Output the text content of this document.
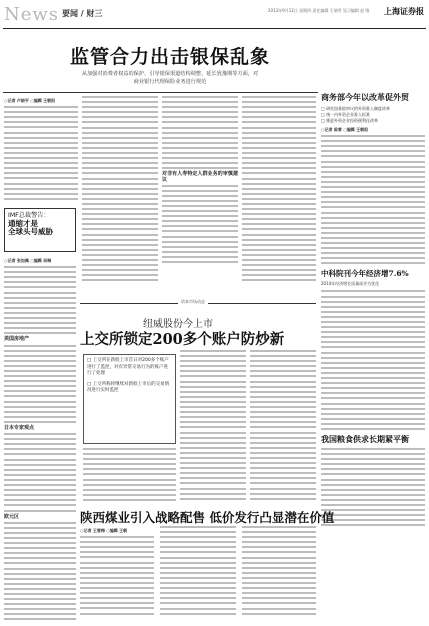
News 要闻 / 财三	2013年9月12日 星期四 责任编辑 王瑞雪 见习编辑 赵 唯	上海证券报
监管合力出击银保乱象
从加强对消费者权益的保护、引导银保渠道结构调整、延长犹豫期等方面，对商业银行代理保险业务进行规范
○记者 卢晓平 ○编辑 王朝阳
对非有人寿特定人群业务的审慎建议
IMF总裁警告：
通缩才是
全球头号威胁
○记者 张如佩 ○编辑 吴琳
美国房地产
日本专家观点
欧元区
商务部今年以改革促外贸
□ 研究国务院审议的外资准入制度改革
□ 统一内外资企业准入标准
□ 推进外资企业投资便利化改革
○记者 陈雪 ○编辑 王朝阳
中科院刊今年经济增7.6%
2014年经济增长质量或更为优化
我国粮食供求长期紧平衡
资本市场动态
纽威股份今上市
上交所锁定200多个账户防炒新
□ 上交所在新股上市首日对200多个账户进行了监控，对有异常交易行为的账户进行了处理
□ 上交所称将继续对新股上市后的交易情况进行实时监控
陕西煤业引入战略配售 低价发行凸显潜在价值
○记者 王雪梅 ○编辑 王朝
